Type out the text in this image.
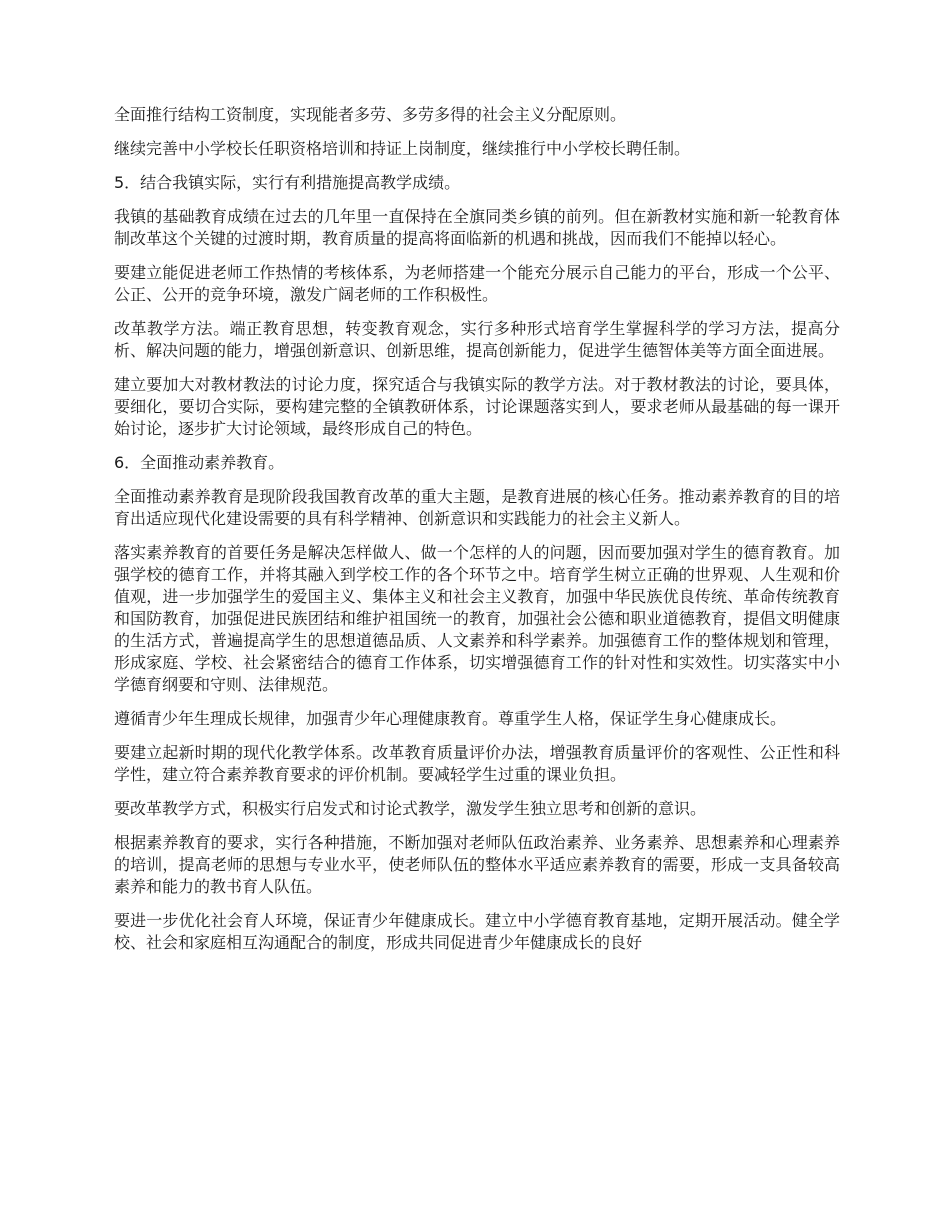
全面推行结构工资制度，实现能者多劳、多劳多得的社会主义分配原则。

继续完善中小学校长任职资格培训和持证上岗制度，继续推行中小学校长聘任制。

5．结合我镇实际，实行有利措施提高教学成绩。

我镇的基础教育成绩在过去的几年里一直保持在全旗同类乡镇的前列。但在新教材实施和新一轮教育体制改革这个关键的过渡时期，教育质量的提高将面临新的机遇和挑战，因而我们不能掉以轻心。

要建立能促进老师工作热情的考核体系，为老师搭建一个能充分展示自己能力的平台，形成一个公平、公正、公开的竞争环境，激发广阔老师的工作积极性。

改革教学方法。端正教育思想，转变教育观念，实行多种形式培育学生掌握科学的学习方法，提高分析、解决问题的能力，增强创新意识、创新思维，提高创新能力，促进学生德智体美等方面全面进展。

建立要加大对教材教法的讨论力度，探究适合与我镇实际的教学方法。对于教材教法的讨论，要具体，要细化，要切合实际，要构建完整的全镇教研体系，讨论课题落实到人，要求老师从最基础的每一课开始讨论，逐步扩大讨论领域，最终形成自己的特色。

6．全面推动素养教育。

全面推动素养教育是现阶段我国教育改革的重大主题，是教育进展的核心任务。推动素养教育的目的培育出适应现代化建设需要的具有科学精神、创新意识和实践能力的社会主义新人。

落实素养教育的首要任务是解决怎样做人、做一个怎样的人的问题，因而要加强对学生的德育教育。加强学校的德育工作，并将其融入到学校工作的各个环节之中。培育学生树立正确的世界观、人生观和价值观，进一步加强学生的爱国主义、集体主义和社会主义教育，加强中华民族优良传统、革命传统教育和国防教育，加强促进民族团结和维护祖国统一的教育，加强社会公德和职业道德教育，提倡文明健康的生活方式，普遍提高学生的思想道德品质、人文素养和科学素养。加强德育工作的整体规划和管理，形成家庭、学校、社会紧密结合的德育工作体系，切实增强德育工作的针对性和实效性。切实落实中小学德育纲要和守则、法律规范。

遵循青少年生理成长规律，加强青少年心理健康教育。尊重学生人格，保证学生身心健康成长。

要建立起新时期的现代化教学体系。改革教育质量评价办法，增强教育质量评价的客观性、公正性和科学性，建立符合素养教育要求的评价机制。要减轻学生过重的课业负担。

要改革教学方式，积极实行启发式和讨论式教学，激发学生独立思考和创新的意识。

根据素养教育的要求，实行各种措施，不断加强对老师队伍政治素养、业务素养、思想素养和心理素养的培训，提高老师的思想与专业水平，使老师队伍的整体水平适应素养教育的需要，形成一支具备较高素养和能力的教书育人队伍。

要进一步优化社会育人环境，保证青少年健康成长。建立中小学德育教育基地，定期开展活动。健全学校、社会和家庭相互沟通配合的制度，形成共同促进青少年健康成长的良好
